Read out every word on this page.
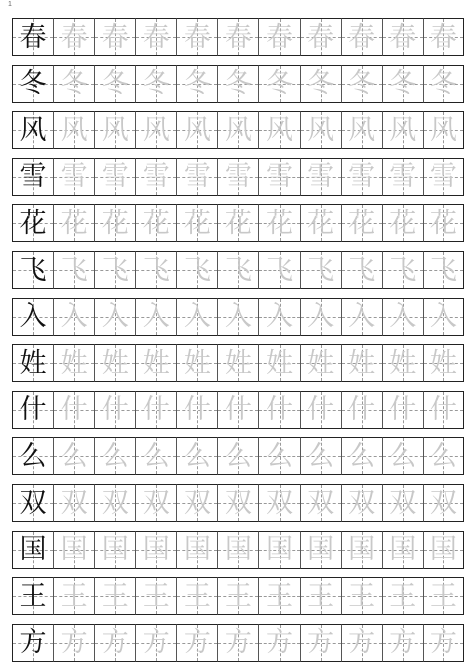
1
春 春 春 春 春 春 春 春 春 春 春
冬 冬 冬 冬 冬 冬 冬 冬 冬 冬 冬
风 风 风 风 风 风 风 风 风 风 风
雪 雪 雪 雪 雪 雪 雪 雪 雪 雪 雪
花 花 花 花 花 花 花 花 花 花 花
飞 飞 飞 飞 飞 飞 飞 飞 飞 飞 飞
入 入 入 入 入 入 入 入 入 入 入
姓 姓 姓 姓 姓 姓 姓 姓 姓 姓 姓
什 什 什 什 什 什 什 什 什 什 什
么 么 么 么 么 么 么 么 么 么 么
双 双 双 双 双 双 双 双 双 双 双
国 国 国 国 国 国 国 国 国 国 国
王 王 王 王 王 王 王 王 王 王 王
方 方 方 方 方 方 方 方 方 方 方
